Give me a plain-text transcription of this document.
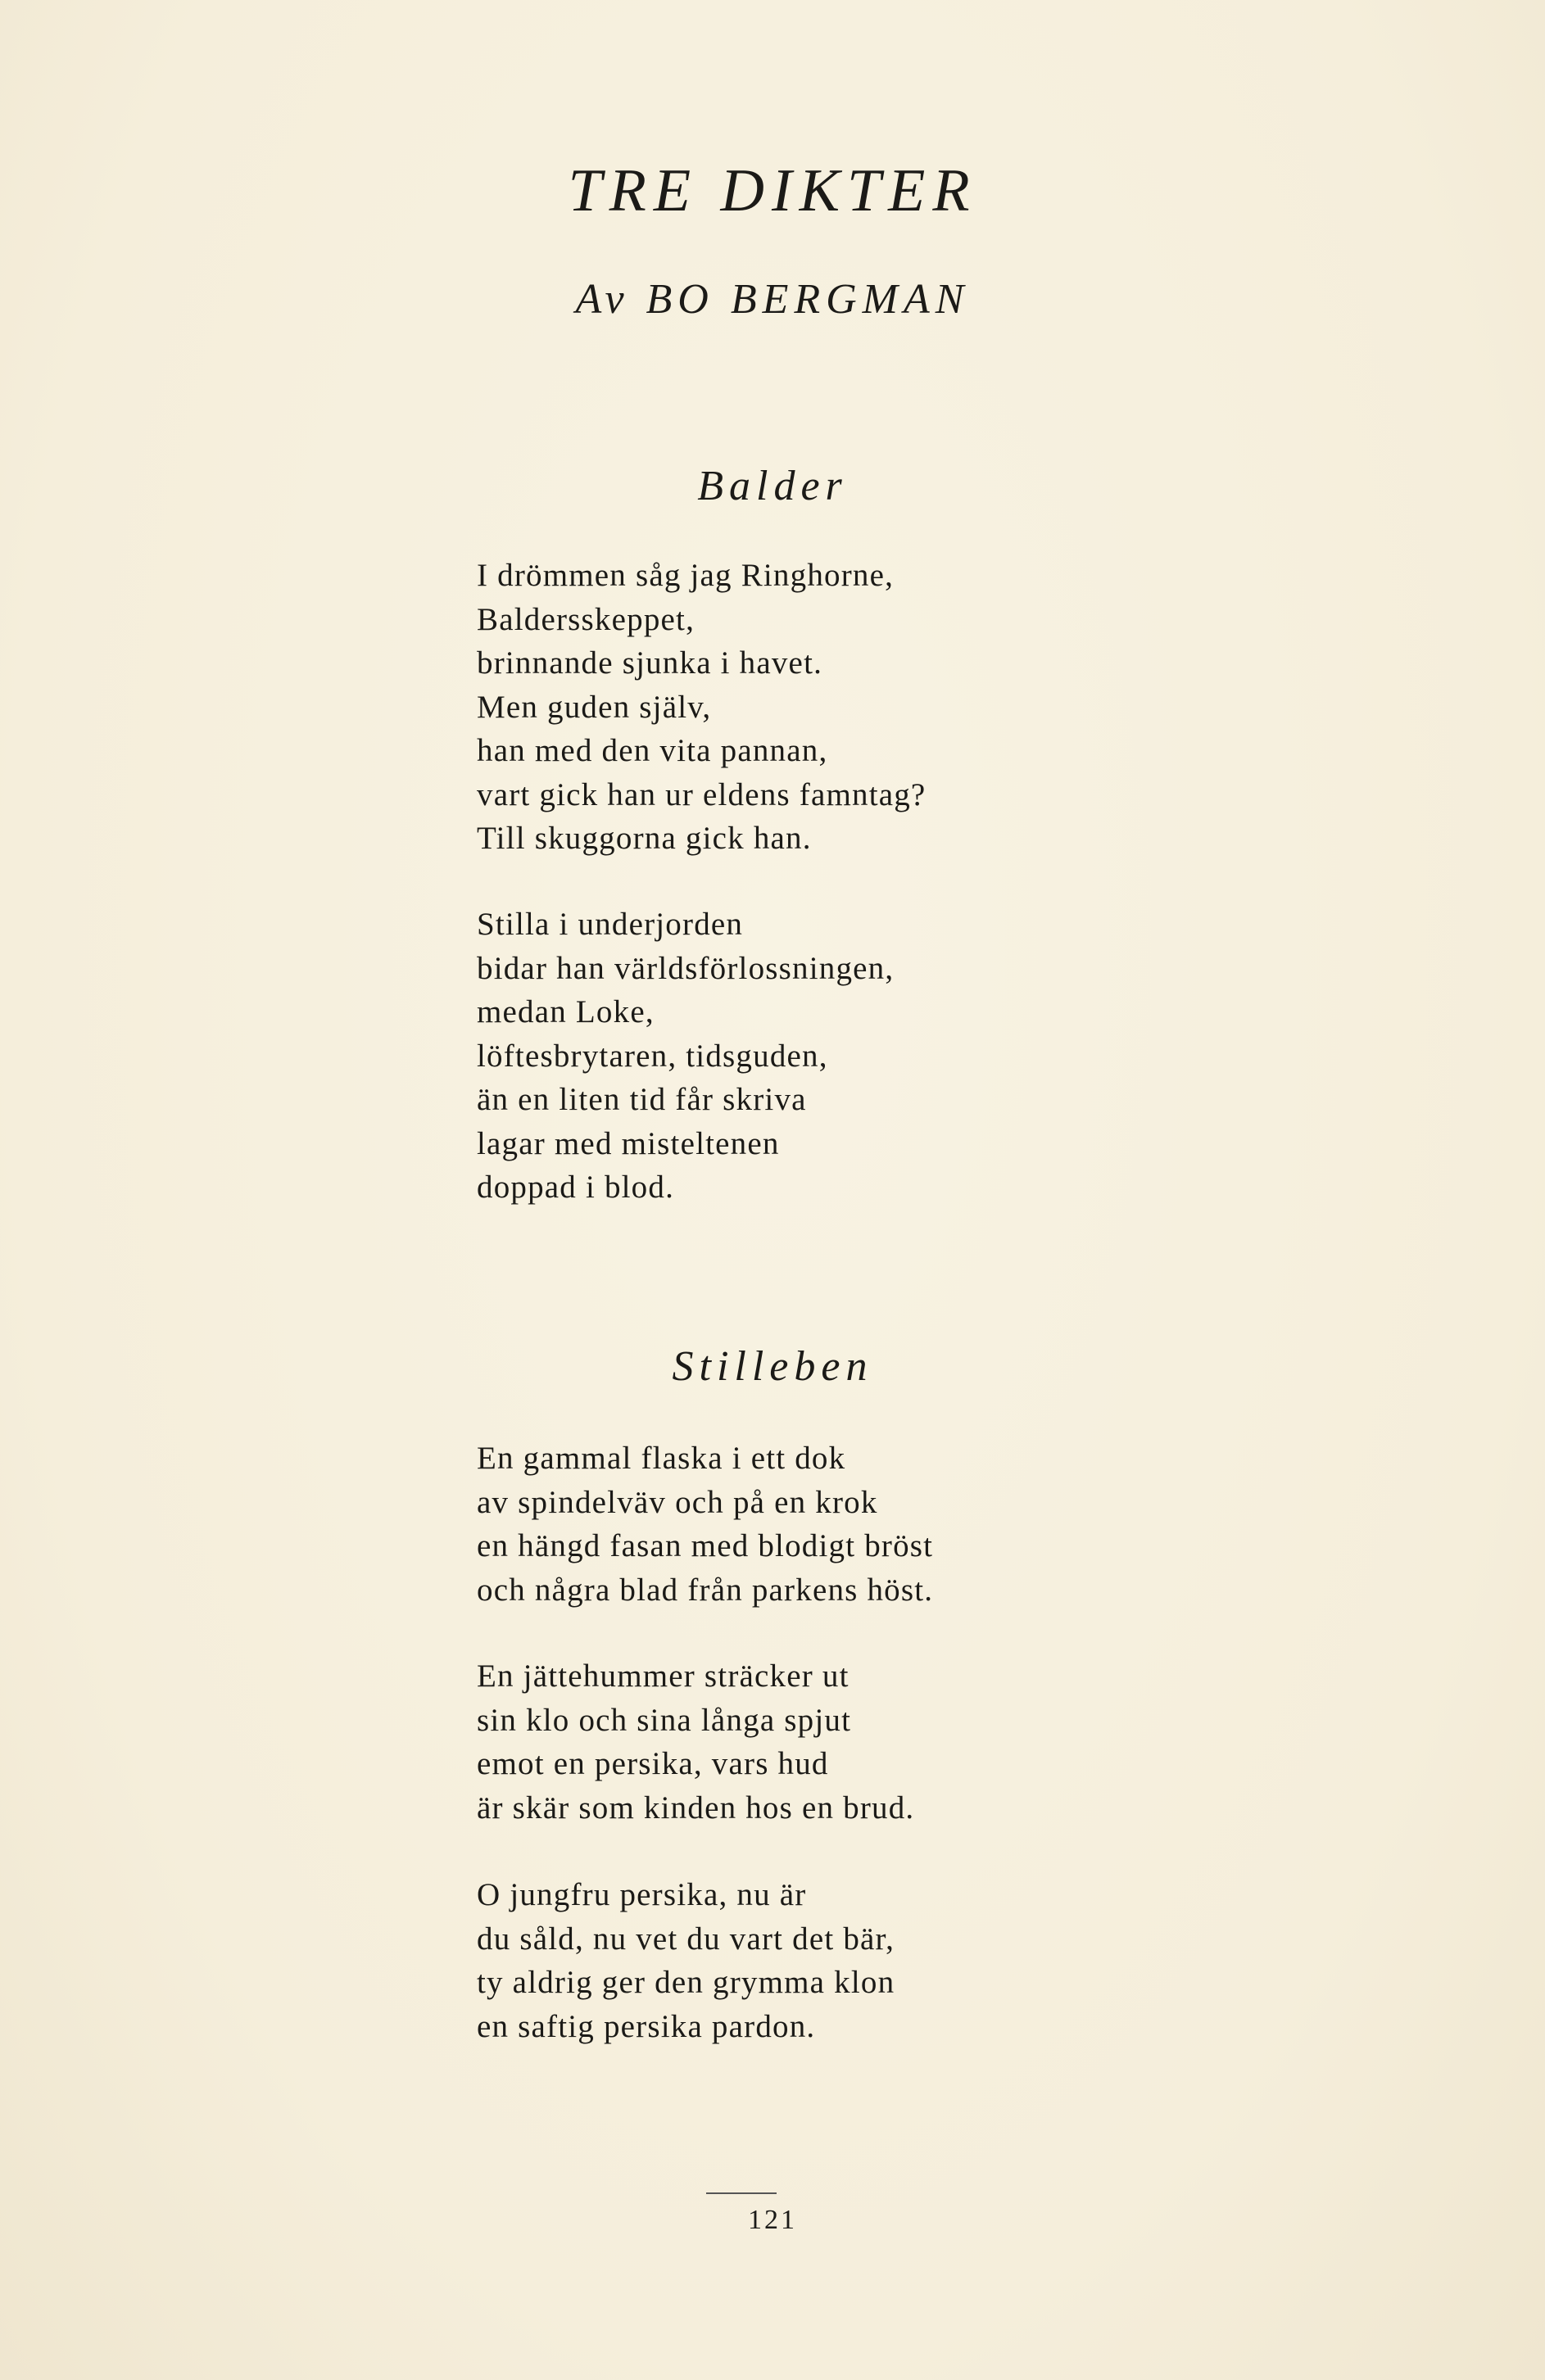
TRE DIKTER
Av BO BERGMAN
Balder

I drömmen såg jag Ringhorne,
Baldersskeppet,
brinnande sjunka i havet.
Men guden själv,
han med den vita pannan,
vart gick han ur eldens famntag?
Till skuggorna gick han.

Stilla i underjorden
bidar han världsförlossningen,
medan Loke,
löftesbrytaren, tidsguden,
än en liten tid får skriva
lagar med misteltenen
doppad i blod.

Stilleben

En gammal flaska i ett dok
av spindelväv och på en krok
en hängd fasan med blodigt bröst
och några blad från parkens höst.

En jättehummer sträcker ut
sin klo och sina långa spjut
emot en persika, vars hud
är skär som kinden hos en brud.

O jungfru persika, nu är
du såld, nu vet du vart det bär,
ty aldrig ger den grymma klon
en saftig persika pardon.

121
